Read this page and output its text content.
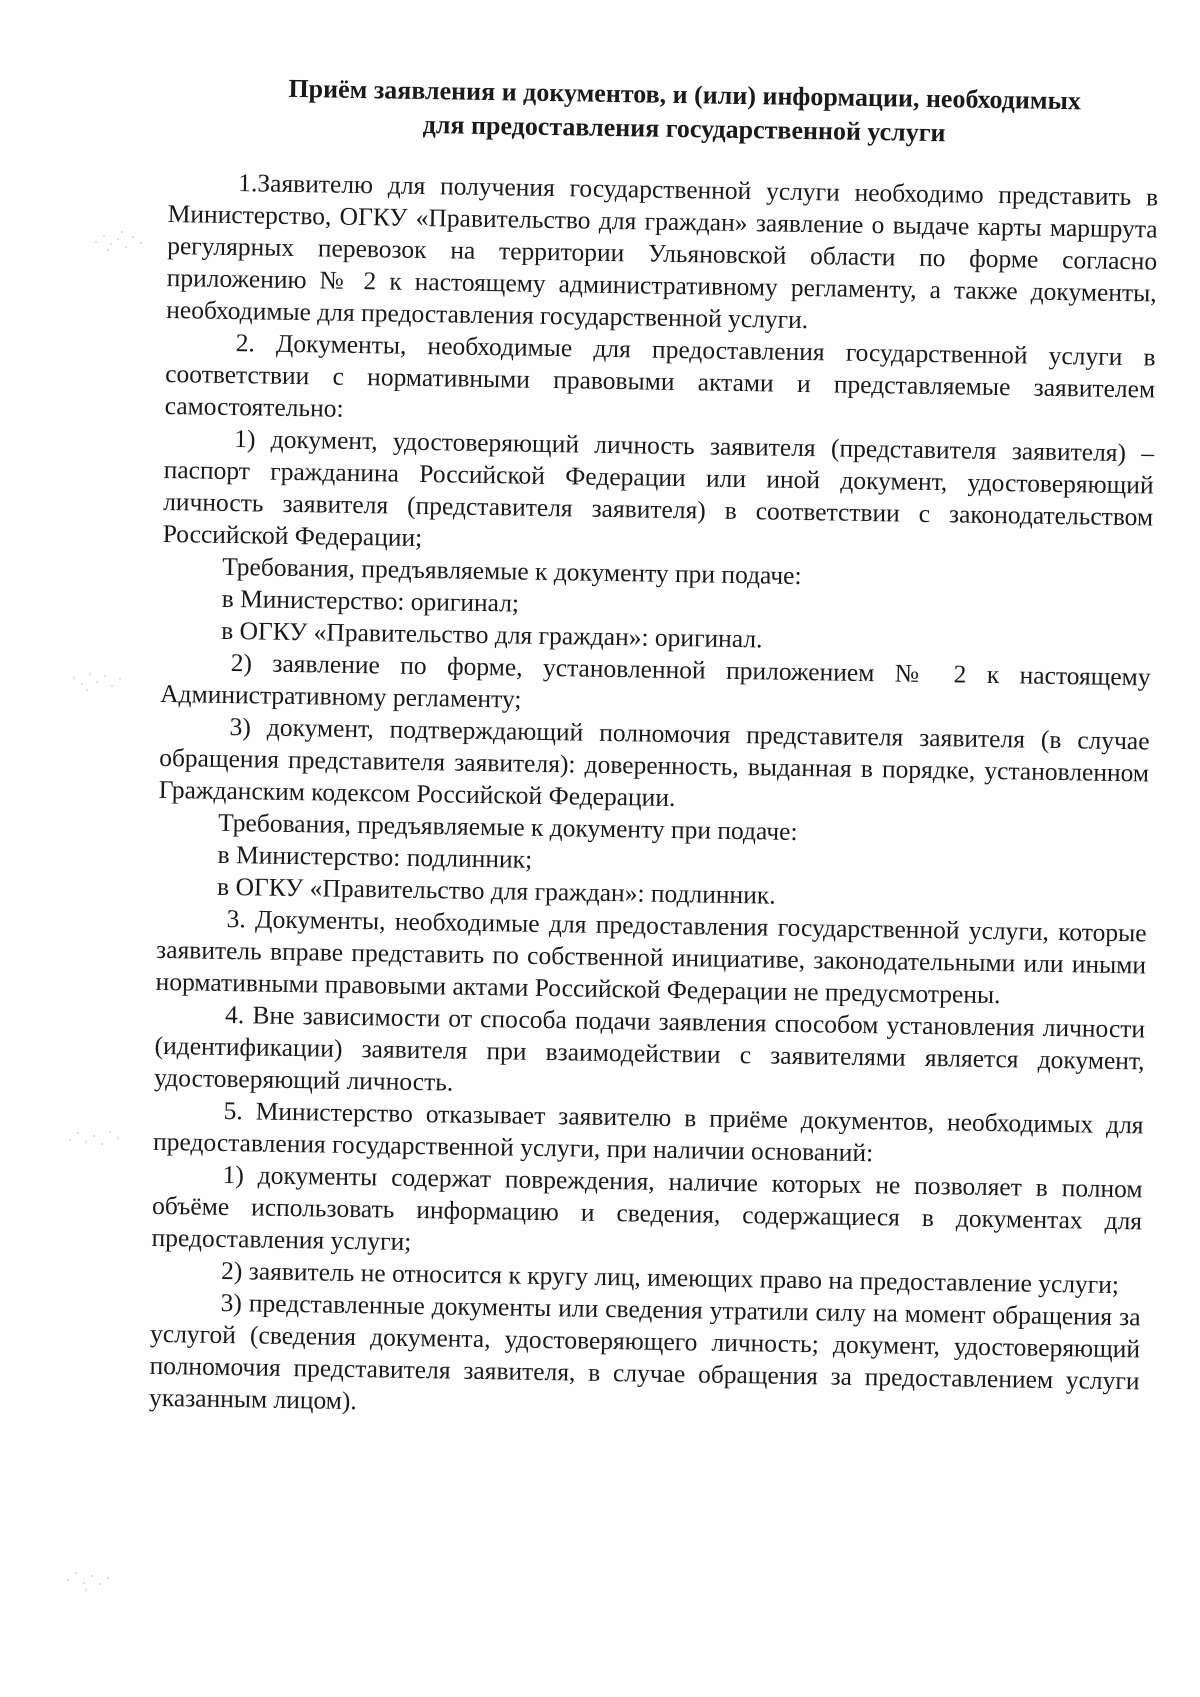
Приём заявления и документов, и (или) информации, необходимых
для предоставления государственной услуги

1.Заявителю для получения государственной услуги необходимо представить в Министерство, ОГКУ «Правительство для граждан» заявление о выдаче карты маршрута регулярных перевозок на территории Ульяновской области по форме согласно приложению № 2 к настоящему административному регламенту, а также документы, необходимые для предоставления государственной услуги.

2. Документы, необходимые для предоставления государственной услуги в соответствии с нормативными правовыми актами и представляемые заявителем самостоятельно:

1) документ, удостоверяющий личность заявителя (представителя заявителя) – паспорт гражданина Российской Федерации или иной документ, удостоверяющий личность заявителя (представителя заявителя) в соответствии с законодательством Российской Федерации;

Требования, предъявляемые к документу при подаче:

в Министерство: оригинал;

в ОГКУ «Правительство для граждан»: оригинал.

2) заявление по форме, установленной приложением № 2 к настоящему Административному регламенту;

3) документ, подтверждающий полномочия представителя заявителя (в случае обращения представителя заявителя): доверенность, выданная в порядке, установленном Гражданским кодексом Российской Федерации.

Требования, предъявляемые к документу при подаче:

в Министерство: подлинник;

в ОГКУ «Правительство для граждан»: подлинник.

3. Документы, необходимые для предоставления государственной услуги, которые заявитель вправе представить по собственной инициативе, законодательными или иными нормативными правовыми актами Российской Федерации не предусмотрены.

4. Вне зависимости от способа подачи заявления способом установления личности (идентификации) заявителя при взаимодействии с заявителями является документ, удостоверяющий личность.

5. Министерство отказывает заявителю в приёме документов, необходимых для предоставления государственной услуги, при наличии оснований:

1) документы содержат повреждения, наличие которых не позволяет в полном объёме использовать информацию и сведения, содержащиеся в документах для предоставления услуги;

2) заявитель не относится к кругу лиц, имеющих право на предоставление услуги;

3) представленные документы или сведения утратили силу на момент обращения за услугой (сведения документа, удостоверяющего личность; документ, удостоверяющий полномочия представителя заявителя, в случае обращения за предоставлением услуги указанным лицом).
